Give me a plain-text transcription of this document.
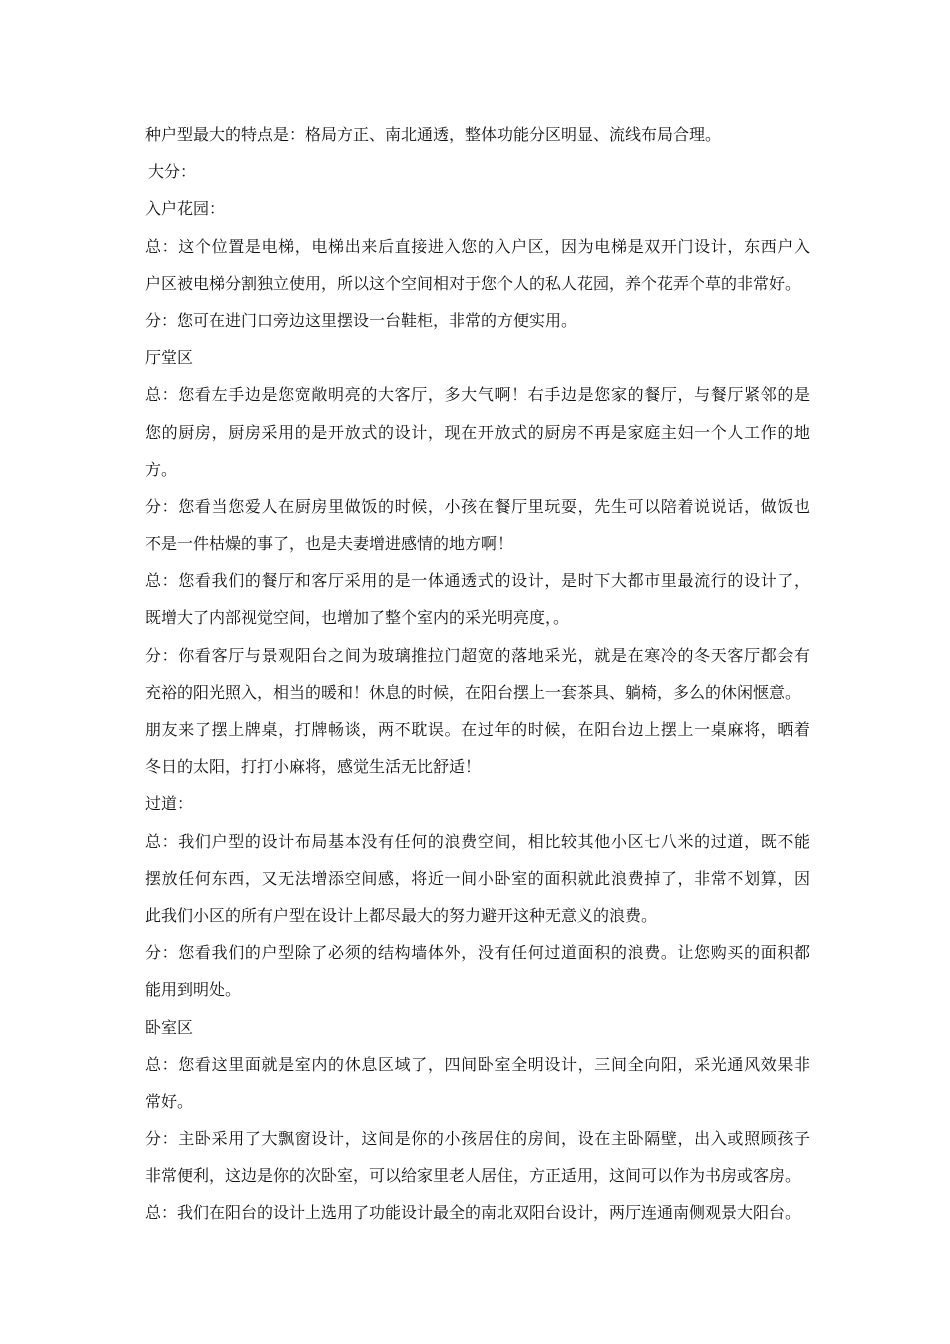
种户型最大的特点是：格局方正、南北通透，整体功能分区明显、流线布局合理。
大分：
入户花园：
总：这个位置是电梯，电梯出来后直接进入您的入户区，因为电梯是双开门设计，东西户入
户区被电梯分割独立使用，所以这个空间相对于您个人的私人花园，养个花弄个草的非常好。
分：您可在进门口旁边这里摆设一台鞋柜，非常的方便实用。
厅堂区
总：您看左手边是您宽敞明亮的大客厅，多大气啊！右手边是您家的餐厅，与餐厅紧邻的是
您的厨房，厨房采用的是开放式的设计，现在开放式的厨房不再是家庭主妇一个人工作的地
方。
分：您看当您爱人在厨房里做饭的时候，小孩在餐厅里玩耍，先生可以陪着说说话，做饭也
不是一件枯燥的事了，也是夫妻增进感情的地方啊！
总：您看我们的餐厅和客厅采用的是一体通透式的设计，是时下大都市里最流行的设计了，
既增大了内部视觉空间，也增加了整个室内的采光明亮度，。
分：你看客厅与景观阳台之间为玻璃推拉门超宽的落地采光，就是在寒冷的冬天客厅都会有
充裕的阳光照入，相当的暖和！休息的时候，在阳台摆上一套茶具、躺椅，多么的休闲惬意。
朋友来了摆上牌桌，打牌畅谈，两不耽误。在过年的时候，在阳台边上摆上一桌麻将，晒着
冬日的太阳，打打小麻将，感觉生活无比舒适！
过道：
总：我们户型的设计布局基本没有任何的浪费空间，相比较其他小区七八米的过道，既不能
摆放任何东西，又无法增添空间感，将近一间小卧室的面积就此浪费掉了，非常不划算，因
此我们小区的所有户型在设计上都尽最大的努力避开这种无意义的浪费。
分：您看我们的户型除了必须的结构墙体外，没有任何过道面积的浪费。让您购买的面积都
能用到明处。
卧室区
总：您看这里面就是室内的休息区域了，四间卧室全明设计，三间全向阳，采光通风效果非
常好。
分：主卧采用了大飘窗设计，这间是你的小孩居住的房间，设在主卧隔壁，出入或照顾孩子
非常便利，这边是你的次卧室，可以给家里老人居住，方正适用，这间可以作为书房或客房。
总：我们在阳台的设计上选用了功能设计最全的南北双阳台设计，两厅连通南侧观景大阳台。
